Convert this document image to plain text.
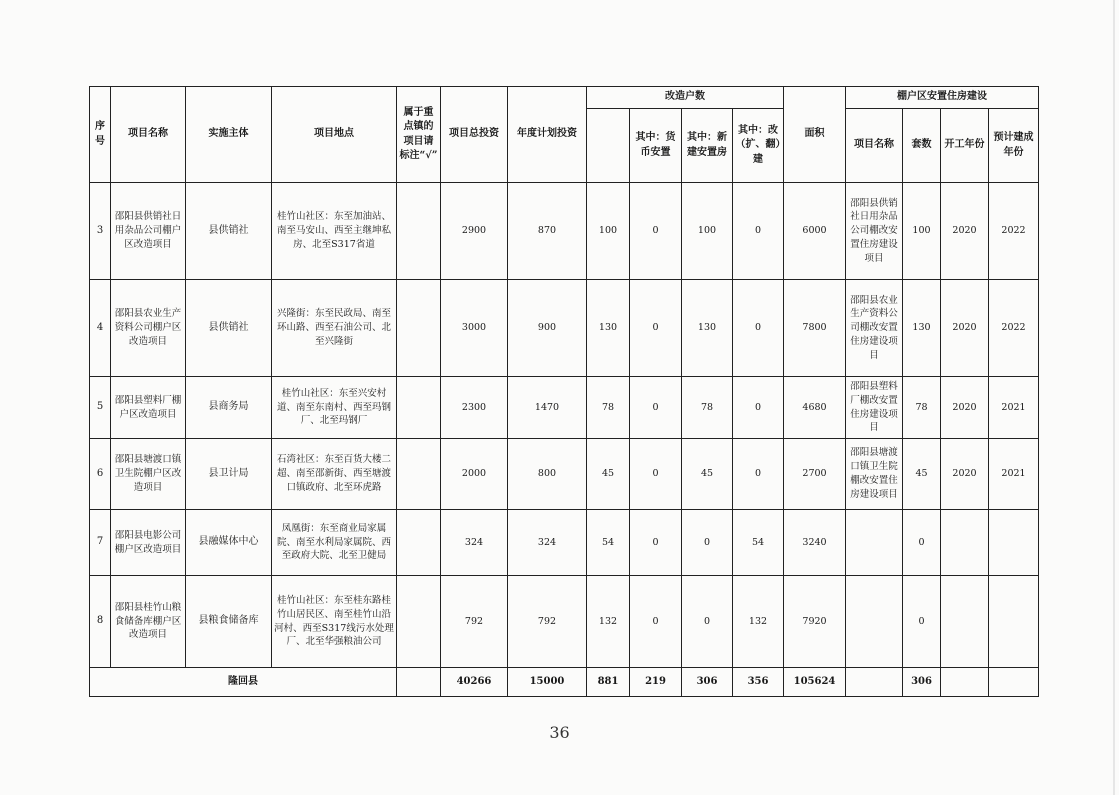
序号	项目名称	实施主体	项目地点	属于重点镇的项目请标注“√”	项目总投资	年度计划投资	改造户数				面积	棚户区安置住房建设			
								其中：货币安置	其中：新建安置房	其中：改（扩、翻）建		项目名称	套数	开工年份	预计建成年份
3	邵阳县供销社日用杂品公司棚户区改造项目	县供销社	桂竹山社区：东至加油站、南至马安山、西至主继坤私房、北至S317省道		2900	870	100	0	100	0	6000	邵阳县供销社日用杂品公司棚改安置住房建设项目	100	2020	2022
4	邵阳县农业生产资料公司棚户区改造项目	县供销社	兴隆街：东至民政局、南至环山路、西至石油公司、北至兴隆街		3000	900	130	0	130	0	7800	邵阳县农业生产资料公司棚改安置住房建设项目	130	2020	2022
5	邵阳县塑料厂棚户区改造项目	县商务局	桂竹山社区：东至兴安村道、南至东南村、西至玛钢厂、北至玛钢厂		2300	1470	78	0	78	0	4680	邵阳县塑料厂棚改安置住房建设项目	78	2020	2021
6	邵阳县塘渡口镇卫生院棚户区改造项目	县卫计局	石湾社区：东至百货大楼二超、南至邵新街、西至塘渡口镇政府、北至环虎路		2000	800	45	0	45	0	2700	邵阳县塘渡口镇卫生院棚改安置住房建设项目	45	2020	2021
7	邵阳县电影公司棚户区改造项目	县融媒体中心	凤凰街：东至商业局家属院、南至水利局家属院、西至政府大院、北至卫健局		324	324	54	0	0	54	3240		0		
8	邵阳县桂竹山粮食储备库棚户区改造项目	县粮食储备库	桂竹山社区：东至桂东路桂竹山居民区、南至桂竹山沿河村、西至S317线污水处理厂、北至华强粮油公司		792	792	132	0	0	132	7920		0		
隆回县					40266	15000	881	219	306	356	105624		306		
36
